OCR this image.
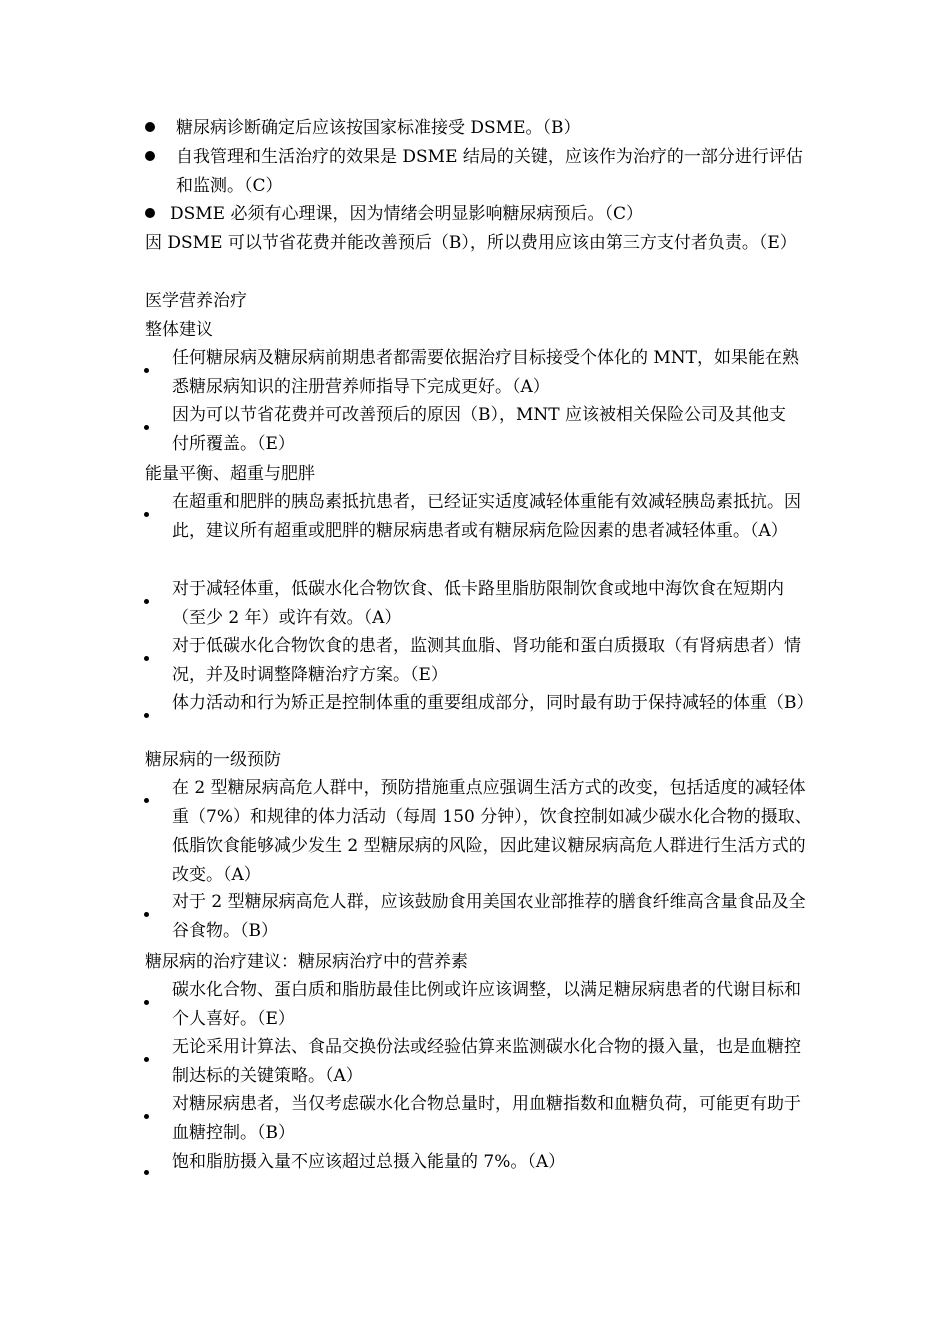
糖尿病诊断确定后应该按国家标准接受 DSME。（B）
自我管理和生活治疗的效果是 DSME 结局的关键，应该作为治疗的一部分进行评估和监测。（C）
DSME 必须有心理课，因为情绪会明显影响糖尿病预后。（C）
因 DSME 可以节省花费并能改善预后（B），所以费用应该由第三方支付者负责。（E）
医学营养治疗
整体建议
任何糖尿病及糖尿病前期患者都需要依据治疗目标接受个体化的 MNT，如果能在熟悉糖尿病知识的注册营养师指导下完成更好。（A）
因为可以节省花费并可改善预后的原因（B），MNT 应该被相关保险公司及其他支付所覆盖。（E）
能量平衡、超重与肥胖
在超重和肥胖的胰岛素抵抗患者，已经证实适度减轻体重能有效减轻胰岛素抵抗。因此，建议所有超重或肥胖的糖尿病患者或有糖尿病危险因素的患者减轻体重。（A）
对于减轻体重，低碳水化合物饮食、低卡路里脂肪限制饮食或地中海饮食在短期内（至少 2 年）或许有效。（A）
对于低碳水化合物饮食的患者，监测其血脂、肾功能和蛋白质摄取（有肾病患者）情况，并及时调整降糖治疗方案。（E）
体力活动和行为矫正是控制体重的重要组成部分，同时最有助于保持减轻的体重（B）
糖尿病的一级预防
在 2 型糖尿病高危人群中，预防措施重点应强调生活方式的改变，包括适度的减轻体重（7%）和规律的体力活动（每周 150 分钟），饮食控制如减少碳水化合物的摄取、低脂饮食能够减少发生 2 型糖尿病的风险，因此建议糖尿病高危人群进行生活方式的改变。（A）
对于 2 型糖尿病高危人群，应该鼓励食用美国农业部推荐的膳食纤维高含量食品及全谷食物。（B）
糖尿病的治疗建议：糖尿病治疗中的营养素
碳水化合物、蛋白质和脂肪最佳比例或许应该调整，以满足糖尿病患者的代谢目标和个人喜好。（E）
无论采用计算法、食品交换份法或经验估算来监测碳水化合物的摄入量，也是血糖控制达标的关键策略。（A）
对糖尿病患者，当仅考虑碳水化合物总量时，用血糖指数和血糖负荷，可能更有助于血糖控制。（B）
饱和脂肪摄入量不应该超过总摄入能量的 7%。（A）
